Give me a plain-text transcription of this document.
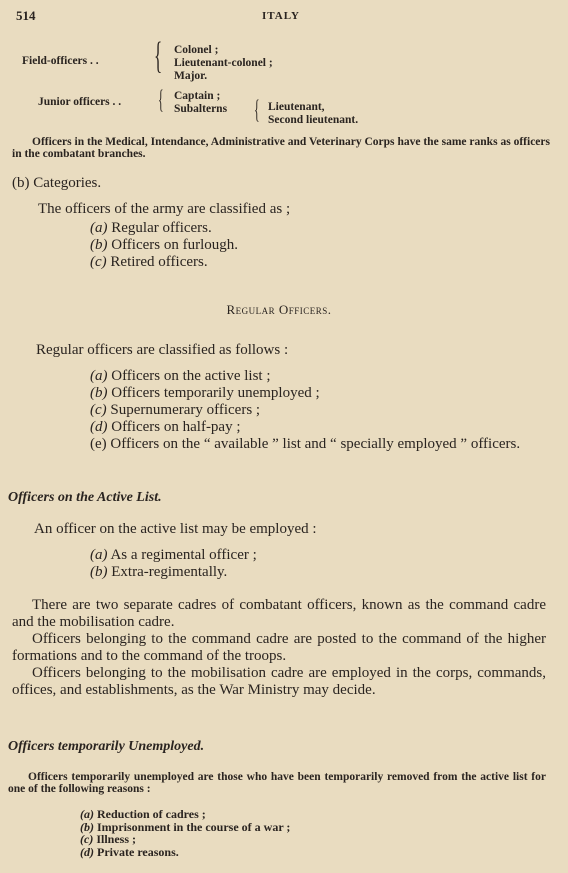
514	ITALY
Field-officers . . { Colonel ;
Lieutenant-colonel ;
Major.
Junior officers . . { Captain ;
Subalterns { Lieutenant,
Second lieutenant.

Officers in the Medical, Intendance, Administrative and Veterinary Corps have the same ranks as officers in the combatant branches.

(b) Categories.

The officers of the army are classified as ;

(a) Regular officers.
(b) Officers on furlough.
(c) Retired officers.

Regular Officers.

Regular officers are classified as follows :

(a) Officers on the active list ;
(b) Officers temporarily unemployed ;
(c) Supernumerary officers ;
(d) Officers on half-pay ;

(e) Officers on the “ available ” list and “ specially employed ” officers.

Officers on the Active List.

An officer on the active list may be employed :

(a) As a regimental officer ;
(b) Extra-regimentally.

There are two separate cadres of combatant officers, known as the command cadre and the mobilisation cadre.

Officers belonging to the command cadre are posted to the command of the higher formations and to the command of the troops.

Officers belonging to the mobilisation cadre are employed in the corps, commands, offices, and establishments, as the War Ministry may decide.

Officers temporarily Unemployed.

Officers temporarily unemployed are those who have been temporarily removed from the active list for one of the following reasons :

(a) Reduction of cadres ;
(b) Imprisonment in the course of a war ;
(c) Illness ;
(d) Private reasons.
